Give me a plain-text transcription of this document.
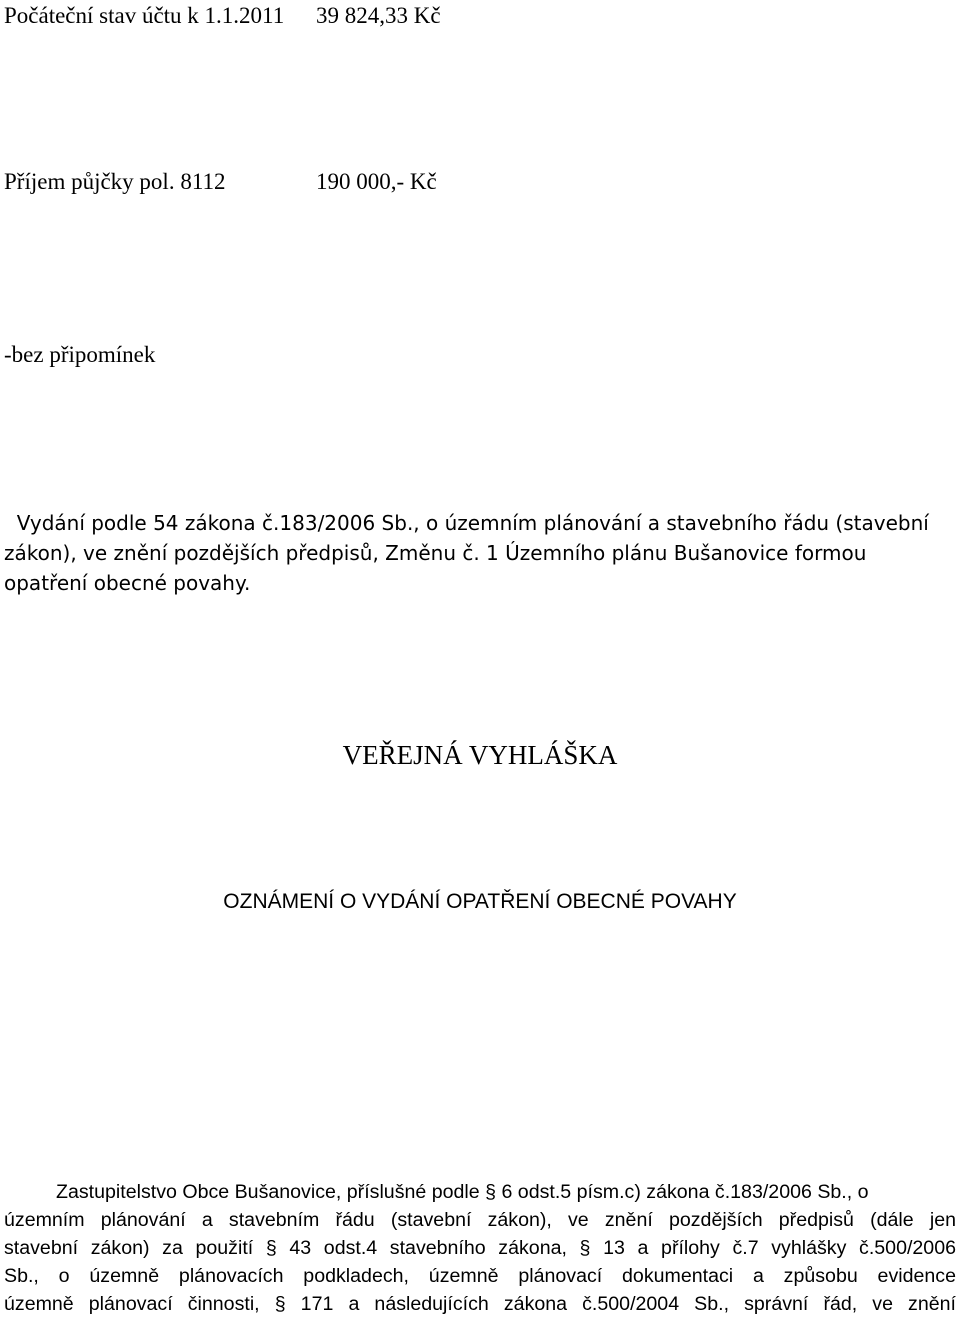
Počáteční stav účtu k 1.1.2011 39 824,33 Kč
Příjem půjčky pol. 8112	190 000,- Kč
-bez připomínek
Vydání podle 54 zákona č.183/2006 Sb., o územním plánování a stavebního řádu (stavební
zákon), ve znění pozdějších předpisů, Změnu č. 1 Územního plánu Bušanovice formou
opatření obecné povahy.
VEŘEJNÁ VYHLÁŠKA
OZNÁMENÍ O VYDÁNÍ OPATŘENÍ OBECNÉ POVAHY
Zastupitelstvo Obce Bušanovice, příslušné podle § 6 odst.5 písm.c) zákona č.183/2006 Sb., o
územním plánování a stavebním řádu (stavební zákon), ve znění pozdějších předpisů (dále jen
stavební zákon) za použití § 43 odst.4 stavebního zákona, § 13 a přílohy č.7 vyhlášky č.500/2006
Sb., o územně plánovacích podkladech, územně plánovací dokumentaci a způsobu evidence
územně plánovací činnosti, § 171 a následujících zákona č.500/2004 Sb., správní řád, ve znění
